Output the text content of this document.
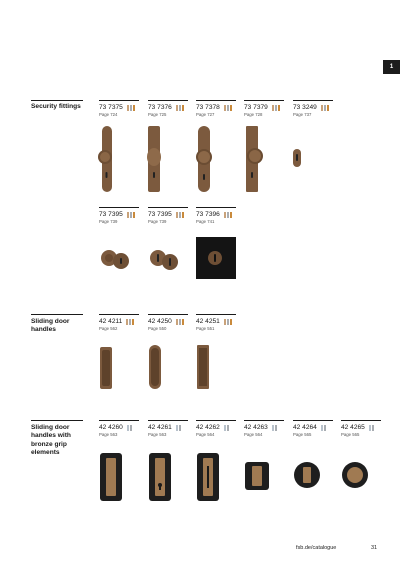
1
Security fittings	73 7375
Page 724
73 7376
Page 725
73 7378
Page 727
73 7379
Page 728
73 3249
Page 737
73 7395
Page 739
73 7395
Page 739
73 7396
Page 741
Sliding door handles
42 4211
Page 562
42 4250
Page 550
42 4251
Page 551
Sliding door handles with bronze grip elements
42 4260
Page 563
42 4261
Page 563
42 4262
Page 564
42 4263
Page 564
42 4264
Page 565
42 4265
Page 565
fsb.de/catalogue	31
